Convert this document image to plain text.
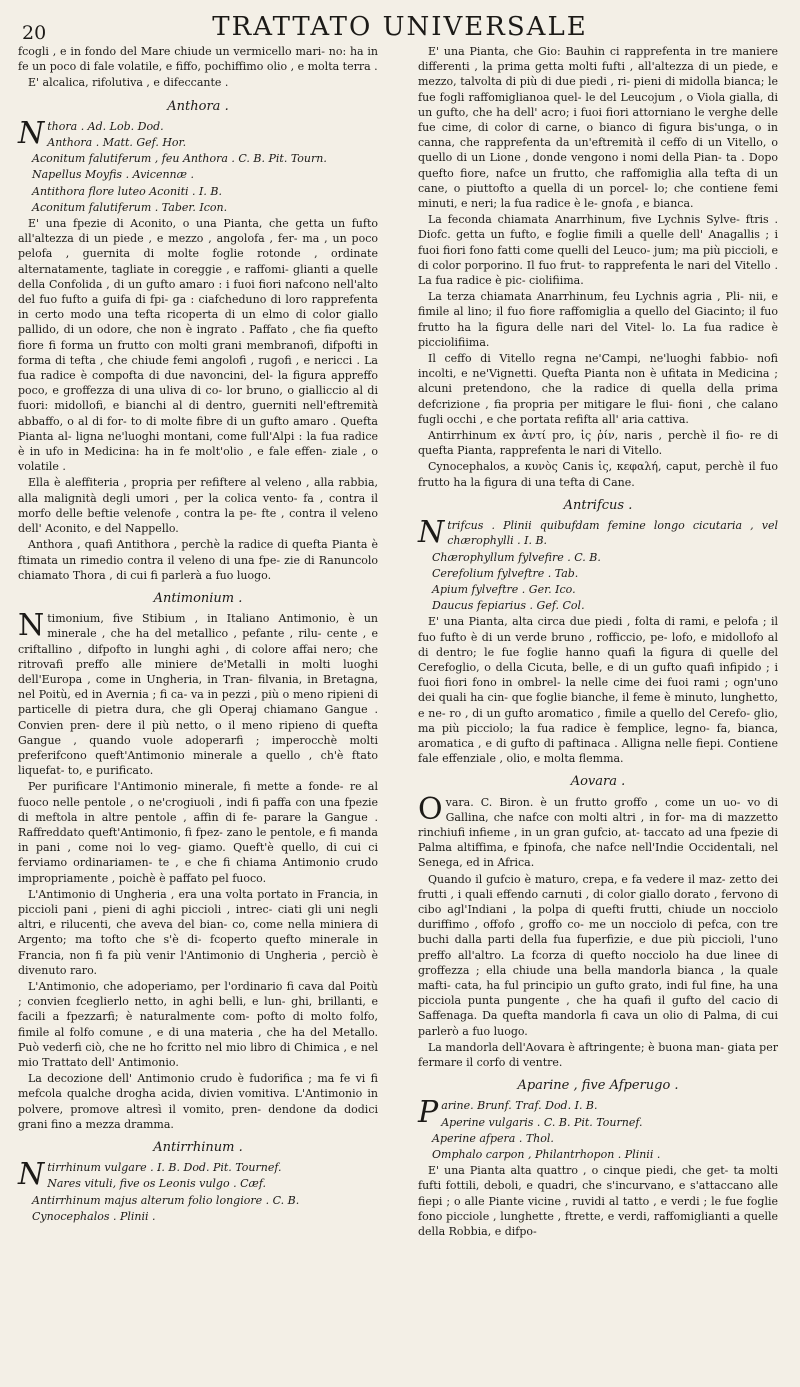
20	TRATTATO UNIVERSALE

fcogli , e in fondo del Mare chiude un vermicello mari- no: ha in fe un poco di fale volatile, e fiffo, pochiffimo olio , e molta terra .

E' alcalica, rifolutiva , e difeccante .

Anthora .

Nthora . Ad. Lob. Dod.

Anthora . Matt. Gef. Hor.

Aconitum falutiferum , feu Anthora . C. B. Pit. Tourn.

Napellus Moyfis . Avicennæ .

Antithora flore luteo Aconiti . I. B.

Aconitum falutiferum . Taber. Icon.

E' una fpezie di Aconito, o una Pianta, che getta un fufto all'altezza di un piede , e mezzo , angolofa , fer- ma , un poco pelofa , guernita di molte foglie rotonde , ordinate alternatamente, tagliate in coreggie , e raffomi- glianti a quelle della Confolida , di un gufto amaro : i fuoi fiori nafcono nell'alto del fuo fufto a guifa di fpi- ga : ciafcheduno di loro rapprefenta in certo modo una tefta ricoperta di un elmo di color giallo pallido, di un odore, che non è ingrato . Paffato , che fia quefto fiore fi forma un frutto con molti grani membranofi, difpofti in forma di tefta , che chiude femi angolofi , rugofi , e nericci . La fua radice è compofta di due navoncini, del- la figura appreffo poco, e groffezza di una uliva di co- lor bruno, o gialliccio al di fuori: midollofi, e bianchi al di dentro, guerniti nell'eftremità abbaffo, o al di for- to di molte fibre di un gufto amaro . Quefta Pianta al- ligna ne'luoghi montani, come full'Alpi : la fua radice è in ufo in Medicina: ha in fe molt'olio , e fale effen- ziale , o volatile .

Ella è aleffiteria , propria per refiftere al veleno , alla rabbia, alla malignità degli umori , per la colica vento- fa , contra il morfo delle beftie velenofe , contra la pe- fte , contra il veleno dell' Aconito, e del Nappello.

Anthora , quafi Antithora , perchè la radice di quefta Pianta è ftimata un rimedio contra il veleno di una fpe- zie di Ranuncolo chiamato Thora , di cui fi parlerà a fuo luogo.

Antimonium .

Ntimonium, five Stibium , in Italiano Antimonio, è un minerale , che ha del metallico , pefante , rilu- cente , e criftallino , difpofto in lunghi aghi , di colore affai nero; che ritrovafi preffo alle miniere de'Metalli in molti luoghi dell'Europa , come in Ungheria, in Tran- filvania, in Bretagna, nel Poitù, ed in Avernia ; fi ca- va in pezzi , più o meno ripieni di particelle di pietra dura, che gli Operaj chiamano Gangue . Convien pren- dere il più netto, o il meno ripieno di quefta Gangue , quando vuole adoperarfi ; imperocchè molti preferifcono queft'Antimonio minerale a quello , ch'è ftato liquefat- to, e purificato.

Per purificare l'Antimonio minerale, fi mette a fonde- re al fuoco nelle pentole , o ne'crogiuoli , indi fi paffa con una fpezie di meftola in altre pentole , affin di fe- parare la Gangue . Raffreddato queft'Antimonio, fi fpez- zano le pentole, e fi manda in pani , come noi lo veg- giamo. Queft'è quello, di cui ci ferviamo ordinariamen- te , e che fi chiama Antimonio crudo impropriamente , poichè è paffato pel fuoco.

L'Antimonio di Ungheria , era una volta portato in Francia, in piccioli pani , pieni di aghi piccioli , intrec- ciati gli uni negli altri, e rilucenti, che aveva del bian- co, come nella miniera di Argento; ma tofto che s'è di- fcoperto quefto minerale in Francia, non fi fa più venir l'Antimonio di Ungheria , perciò è divenuto raro.

L'Antimonio, che adoperiamo, per l'ordinario fi cava dal Poitù ; convien fceglierlo netto, in aghi belli, e lun- ghi, brillanti, e facili a fpezzarfi; è naturalmente com- pofto di molto folfo, fimile al folfo comune , e di una materia , che ha del Metallo. Può vederfi ciò, che ne ho fcritto nel mio libro di Chimica , e nel mio Trattato dell' Antimonio.

La decozione dell' Antimonio crudo è fudorifica ; ma fe vi fi mefcola qualche drogha acida, divien vomitiva. L'Antimonio in polvere, promove altresì il vomito, pren- dendone da dodici grani fino a mezza dramma.

Antirrhinum .

Ntirrhinum vulgare . I. B. Dod. Pit. Tournef.

Nares vituli, five os Leonis vulgo . Cæf.

Antirrhinum majus alterum folio longiore . C. B.

Cynocephalos . Plinii .

E' una Pianta, che Gio: Bauhin ci rapprefenta in tre maniere differenti , la prima getta molti fufti , all'altezza di un piede, e mezzo, talvolta di più di due piedi , ri- pieni di midolla bianca; le fue fogli raffomiglianoa quel- le del Leucojum , o Viola gialla, di un gufto, che ha dell' acro; i fuoi fiori attorniano le verghe delle fue cime, di color di carne, o bianco di figura bis'unga, o in canna, che rapprefenta da un'eftremità il ceffo di un Vitello, o quello di un Lione , donde vengono i nomi della Pian- ta . Dopo quefto fiore, nafce un frutto, che raffomiglia alla tefta di un cane, o piuttofto a quella di un porcel- lo; che contiene femi minuti, e neri; la fua radice è le- gnofa , e bianca.

La feconda chiamata Anarrhinum, five Lychnis Sylve- ftris . Diofc. getta un fufto, e foglie fimili a quelle dell' Anagallis ; i fuoi fiori fono fatti come quelli del Leuco- jum; ma più piccioli, e di color porporino. Il fuo frut- to rapprefenta le nari del Vitello . La fua radice è pic- ciolifiima.

La terza chiamata Anarrhinum, feu Lychnis agria , Pli- nii, e fimile al lino; il fuo fiore raffomiglia a quello del Giacinto; il fuo frutto ha la figura delle nari del Vitel- lo. La fua radice è picciolifiima.

Il ceffo di Vitello regna ne'Campi, ne'luoghi fabbio- nofi incolti, e ne'Vignetti. Quefta Pianta non è ufitata in Medicina ; alcuni pretendono, che la radice di quella della prima defcrizione , fia propria per mitigare le flui- fioni , che calano fugli occhi , e che portata refifta all' aria cattiva.

Antirrhinum ex ἀντί pro, ἰς ῥίν, naris , perchè il fio- re di quefta Pianta, rapprefenta le nari di Vitello.

Cynocephalos, a κυνὸς Canis ἰς, κεφαλή, caput, perchè il fuo frutto ha la figura di una tefta di Cane.

Antrifcus .

Ntrifcus . Plinii quibufdam femine longo cicutaria , vel chærophylli . I. B.

Chærophyllum fylvefire . C. B.

Cerefolium fylveftre . Tab.

Apium fylveftre . Ger. Ico.

Daucus fepiarius . Gef. Col.

E' una Pianta, alta circa due piedi , folta di rami, e pelofa ; il fuo fufto è di un verde bruno , rofficcio, pe- lofo, e midollofo al di dentro; le fue foglie hanno quafi la figura di quelle del Cerefoglio, o della Cicuta, belle, e di un gufto quafi infipido ; i fuoi fiori fono in ombrel- la nelle cime dei fuoi rami ; ogn'uno dei quali ha cin- que foglie bianche, il feme è minuto, lunghetto, e ne- ro , di un gufto aromatico , fimile a quello del Cerefo- glio, ma più picciolo; la fua radice è femplice, legno- fa, bianca, aromatica , e di gufto di paftinaca . Alligna nelle fiepi. Contiene fale effenziale , olio, e molta flemma.

Aovara .

Ovara. C. Biron. è un frutto groffo , come un uo- vo di Gallina, che nafce con molti altri , in for- ma di mazzetto rinchiufi infieme , in un gran gufcio, at- taccato ad una fpezie di Palma altiffima, e fpinofa, che nafce nell'Indie Occidentali, nel Senega, ed in Africa.

Quando il gufcio è maturo, crepa, e fa vedere il maz- zetto dei frutti , i quali effendo carnuti , di color giallo dorato , fervono di cibo agl'Indiani , la polpa di quefti frutti, chiude un nocciolo duriffimo , offofo , groffo co- me un nocciolo di pefca, con tre buchi dalla parti della fua fuperfizie, e due più piccioli, l'uno preffo all'altro. La fcorza di quefto nocciolo ha due linee di groffezza ; ella chiude una bella mandorla bianca , la quale mafti- cata, ha ful principio un gufto grato, indi ful fine, ha una picciola punta pungente , che ha quafi il gufto del cacio di Saffenaga. Da quefta mandorla fi cava un olio di Palma, di cui parlerò a fuo luogo.

La mandorla dell'Aovara è aftringente; è buona man- giata per fermare il corfo di ventre.

Aparine , five Afperugo .

Parine. Brunf. Traf. Dod. I. B.

Aperine vulgaris . C. B. Pit. Tournef.

Aperine afpera . Thol.

Omphalo carpon , Philantrhopon . Plinii .

E' una Pianta alta quattro , o cinque piedi, che get- ta molti fufti fottili, deboli, e quadri, che s'incurvano, e s'attaccano alle fiepi ; o alle Piante vicine , ruvidi al tatto , e verdi ; le fue foglie fono picciole , lunghette , ftrette, e verdi, raffomiglianti a quelle della Robbia, e difpo-
